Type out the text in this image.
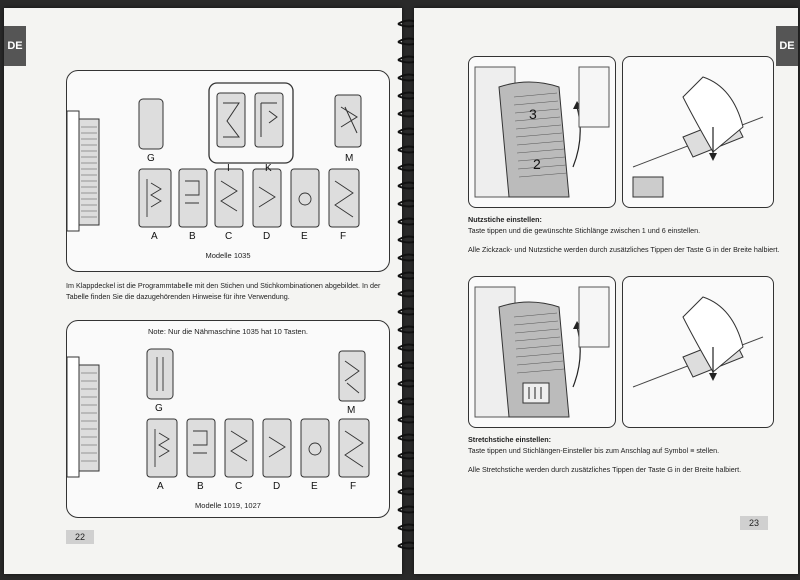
DE
G
I	K
M
A	B	C	D	E	F
Modelle 1035
Im Klappdeckel ist die Programmtabelle mit den Stichen und Stichkombinationen abgebildet. In der
Tabelle finden Sie die dazugehörenden Hinweise für ihre Verwendung.
Note: Nur die Nähmaschine 1035 hat 10 Tasten.
G	M
A	B	C	D	E	F
Modelle 1019, 1027
22
DE
3
2
Nutzstiche einstellen:
Taste tippen und die gewünschte Stichlänge zwischen 1 und 6 einstellen.
Alle Zickzack- und Nutzstiche werden durch zusätzliches Tippen der Taste G in der Breite halbiert.
Stretchstiche einstellen:
Taste tippen und Stichlängen-Einsteller bis zum Anschlag auf Symbol ≡ stellen.
Alle Stretchstiche werden durch zusätzliches Tippen der Taste G in der Breite halbiert.
23
